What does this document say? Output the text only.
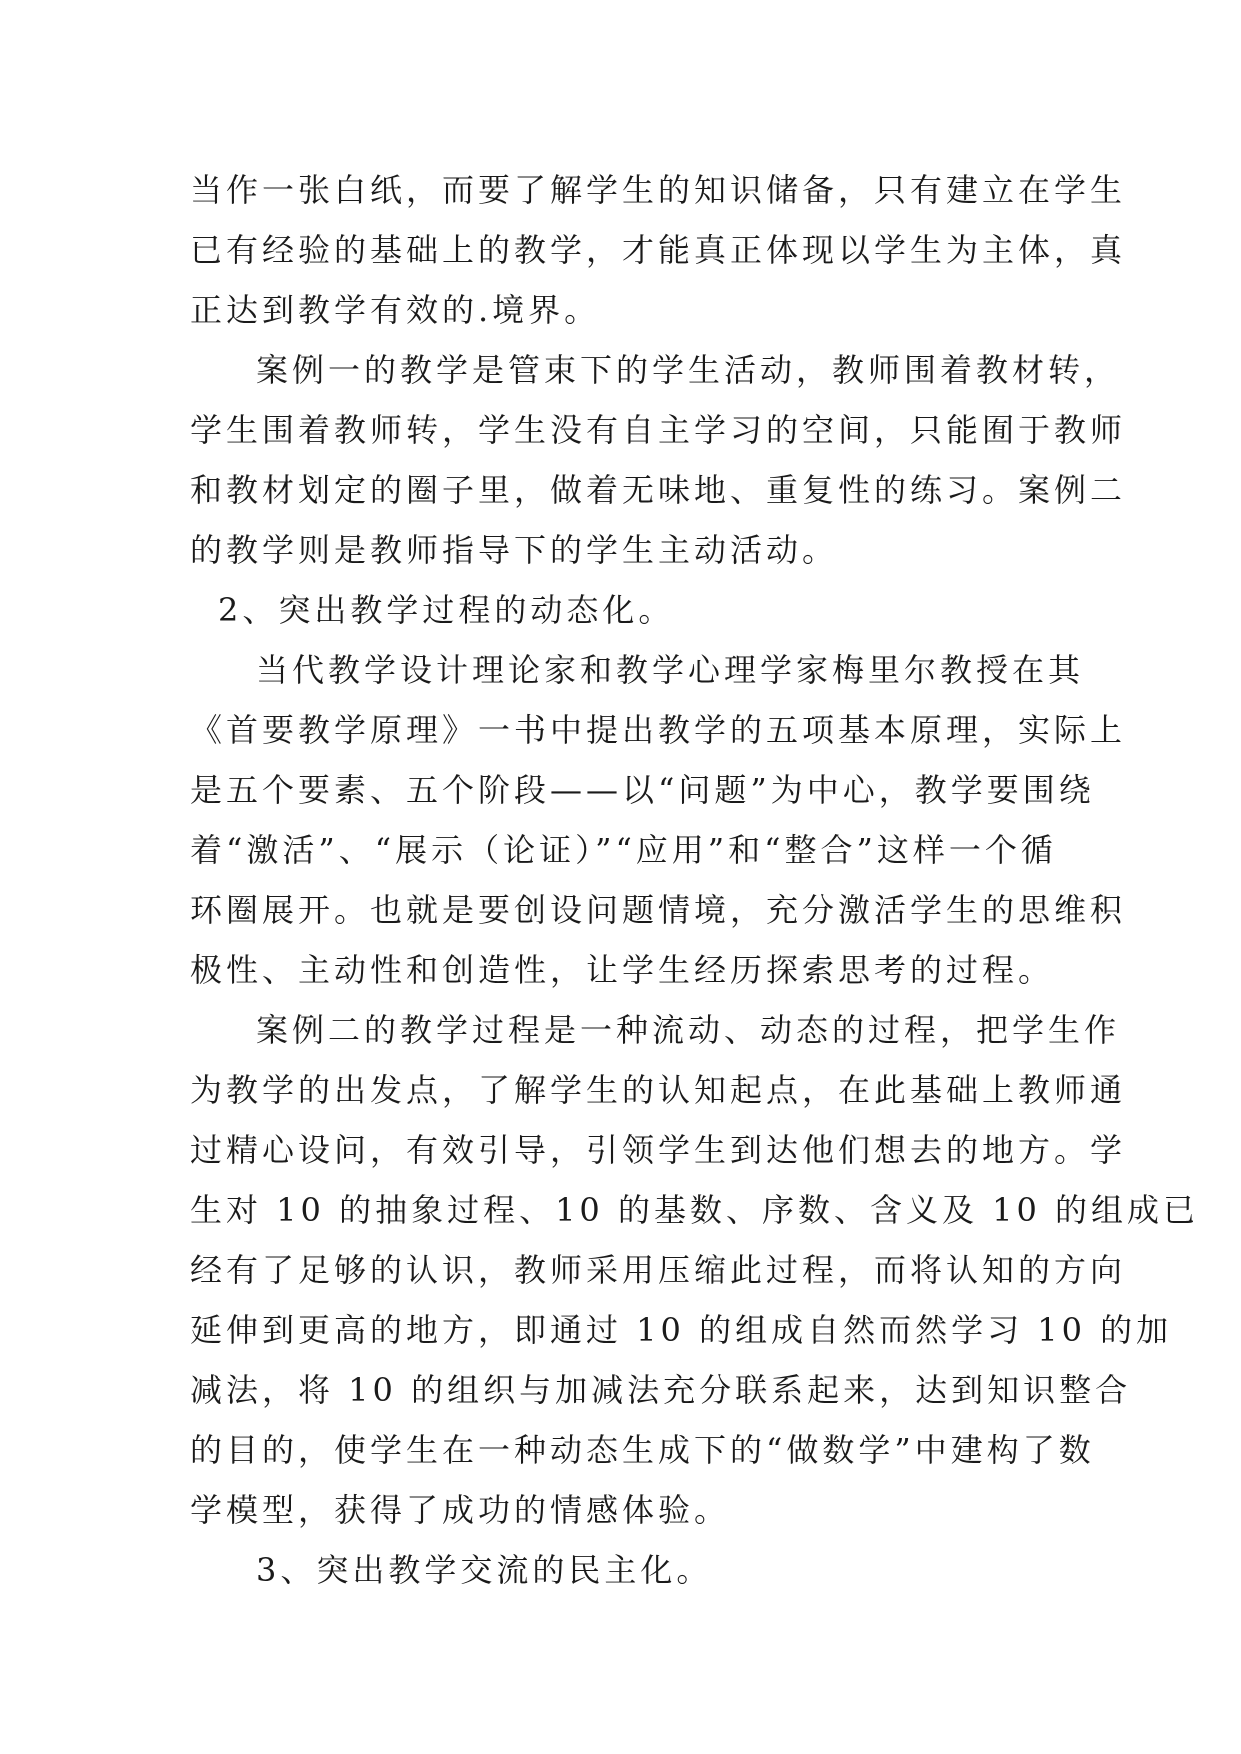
当作一张白纸，而要了解学生的知识储备，只有建立在学生
已有经验的基础上的教学，才能真正体现以学生为主体，真
正达到教学有效的.境界。
案例一的教学是管束下的学生活动，教师围着教材转，
学生围着教师转，学生没有自主学习的空间，只能囿于教师
和教材划定的圈子里，做着无味地、重复性的练习。案例二
的教学则是教师指导下的学生主动活动。
2、突出教学过程的动态化。
当代教学设计理论家和教学心理学家梅里尔教授在其
《首要教学原理》一书中提出教学的五项基本原理，实际上
是五个要素、五个阶段——以“问题”为中心，教学要围绕
着“激活”、“展示（论证）”“应用”和“整合”这样一个循
环圈展开。也就是要创设问题情境，充分激活学生的思维积
极性、主动性和创造性，让学生经历探索思考的过程。
案例二的教学过程是一种流动、动态的过程，把学生作
为教学的出发点，了解学生的认知起点，在此基础上教师通
过精心设问，有效引导，引领学生到达他们想去的地方。学
生对 10 的抽象过程、10 的基数、序数、含义及 10 的组成已
经有了足够的认识，教师采用压缩此过程，而将认知的方向
延伸到更高的地方，即通过 10 的组成自然而然学习 10 的加
减法，将 10 的组织与加减法充分联系起来，达到知识整合
的目的，使学生在一种动态生成下的“做数学”中建构了数
学模型，获得了成功的情感体验。
3、突出教学交流的民主化。
